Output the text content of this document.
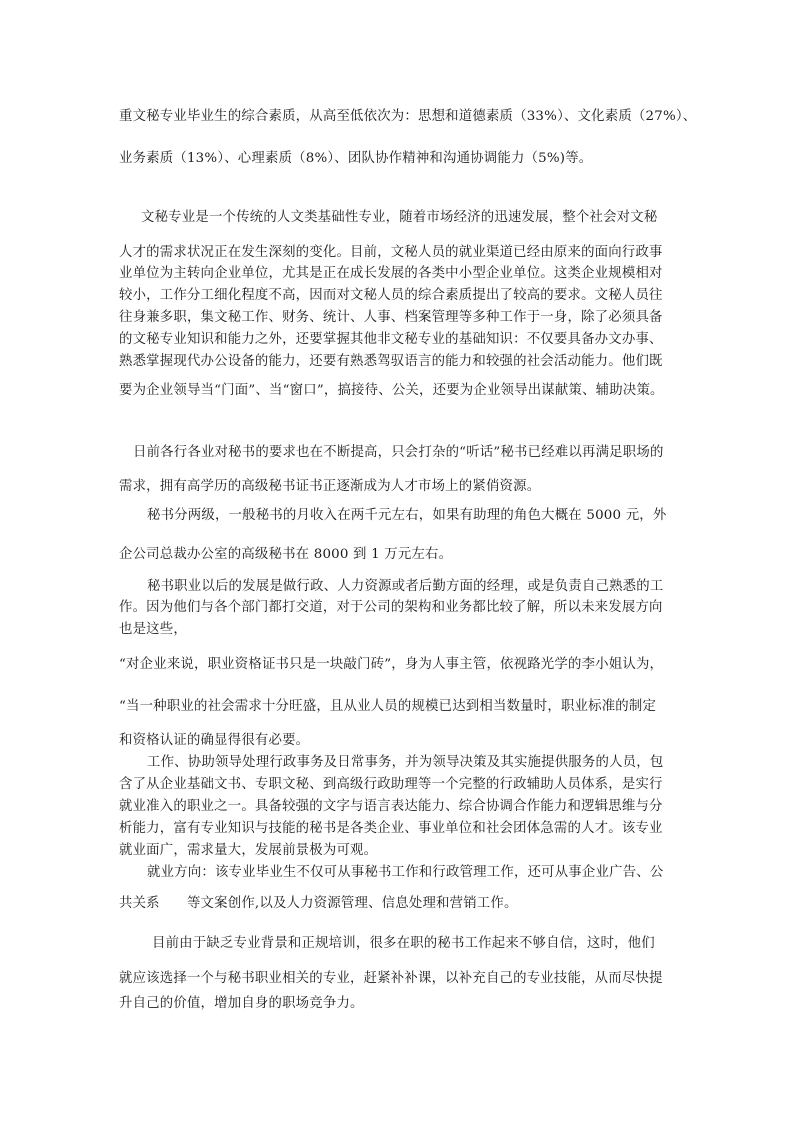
重文秘专业毕业生的综合素质，从高至低依次为：思想和道德素质（33%）、文化素质（27%）、
业务素质（13%）、心理素质（8%）、团队协作精神和沟通协调能力（5%)等。
文秘专业是一个传统的人文类基础性专业，随着市场经济的迅速发展，整个社会对文秘
人才的需求状况正在发生深刻的变化。目前，文秘人员的就业渠道已经由原来的面向行政事
业单位为主转向企业单位，尤其是正在成长发展的各类中小型企业单位。这类企业规模相对
较小，工作分工细化程度不高，因而对文秘人员的综合素质提出了较高的要求。文秘人员往
往身兼多职，集文秘工作、财务、统计、人事、档案管理等多种工作于一身，除了必须具备
的文秘专业知识和能力之外，还要掌握其他非文秘专业的基础知识：不仅要具备办文办事、
熟悉掌握现代办公设备的能力，还要有熟悉驾驭语言的能力和较强的社会活动能力。他们既
要为企业领导当“门面”、当“窗口”，搞接待、公关，还要为企业领导出谋献策、辅助决策。
日前各行各业对秘书的要求也在不断提高，只会打杂的“听话”秘书已经难以再满足职场的
需求，拥有高学历的高级秘书证书正逐渐成为人才市场上的紧俏资源。
秘书分两级，一般秘书的月收入在两千元左右，如果有助理的角色大概在 5000 元，外
企公司总裁办公室的高级秘书在 8000 到 1 万元左右。
秘书职业以后的发展是做行政、人力资源或者后勤方面的经理，或是负责自己熟悉的工
作。因为他们与各个部门都打交道，对于公司的架构和业务都比较了解，所以未来发展方向
也是这些，
“对企业来说，职业资格证书只是一块敲门砖”，身为人事主管，依视路光学的李小姐认为，
“当一种职业的社会需求十分旺盛，且从业人员的规模已达到相当数量时，职业标准的制定
和资格认证的确显得很有必要。
工作、协助领导处理行政事务及日常事务，并为领导决策及其实施提供服务的人员，包
含了从企业基础文书、专职文秘、到高级行政助理等一个完整的行政辅助人员体系，是实行
就业准入的职业之一。具备较强的文字与语言表达能力、综合协调合作能力和逻辑思维与分
析能力，富有专业知识与技能的秘书是各类企业、事业单位和社会团体急需的人才。该专业
就业面广，需求量大，发展前景极为可观。
就业方向：该专业毕业生不仅可从事秘书工作和行政管理工作，还可从事企业广告、公
共关系　　等文案创作,以及人力资源管理、信息处理和营销工作。
目前由于缺乏专业背景和正规培训，很多在职的秘书工作起来不够自信，这时，他们
就应该选择一个与秘书职业相关的专业，赶紧补补课，以补充自己的专业技能，从而尽快提
升自己的价值，增加自身的职场竞争力。
